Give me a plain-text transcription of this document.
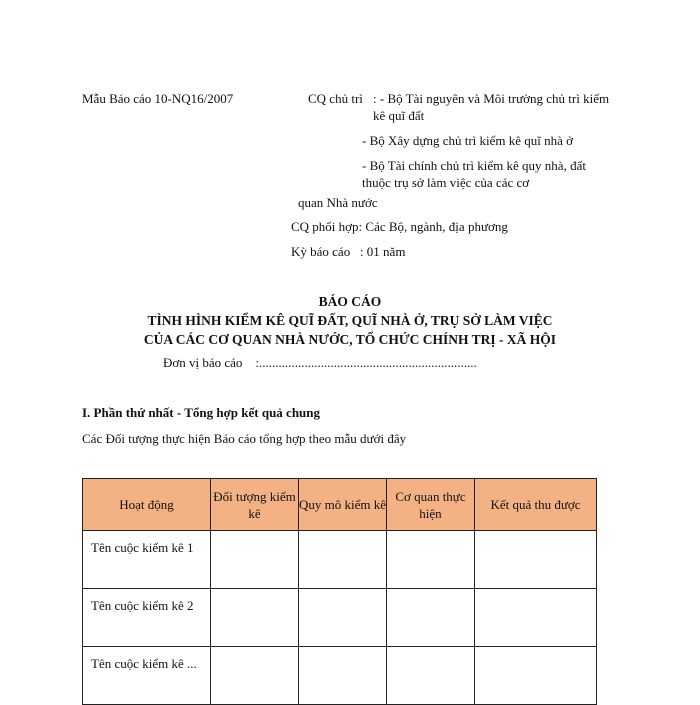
Mẫu Báo cáo 10-NQ16/2007	CQ chủ trì : - Bộ Tài nguyên và Môi trường chủ trì kiểm kê quĩ đất
- Bộ Xây dựng chủ trì kiểm kê quĩ nhà ở
- Bộ Tài chính chủ trì kiểm kê quy nhà, đất thuộc trụ sở làm việc của các cơ
quan Nhà nước
CQ phối hợp: Các Bộ, ngành, địa phương
Kỳ báo cáo   : 01 năm
BÁO CÁO
TÌNH HÌNH KIỂM KÊ QUĨ ĐẤT, QUĨ NHÀ Ở, TRỤ SỞ LÀM VIỆC
CỦA CÁC CƠ QUAN NHÀ NƯỚC, TỔ CHỨC CHÍNH TRỊ - XÃ HỘI
Đơn vị báo cáo    :...................................................................
I. Phần thứ nhất - Tổng hợp kết quả chung
Các Đối tượng thực hiện Báo cáo tổng hợp theo mẫu dưới đây
Hoạt động	Đối tượng kiểm kê	Quy mô kiểm kê	Cơ quan thực hiện	Kết quả thu được
Tên cuộc kiểm kê 1				
Tên cuộc kiểm kê 2				
Tên cuộc kiểm kê ...				
